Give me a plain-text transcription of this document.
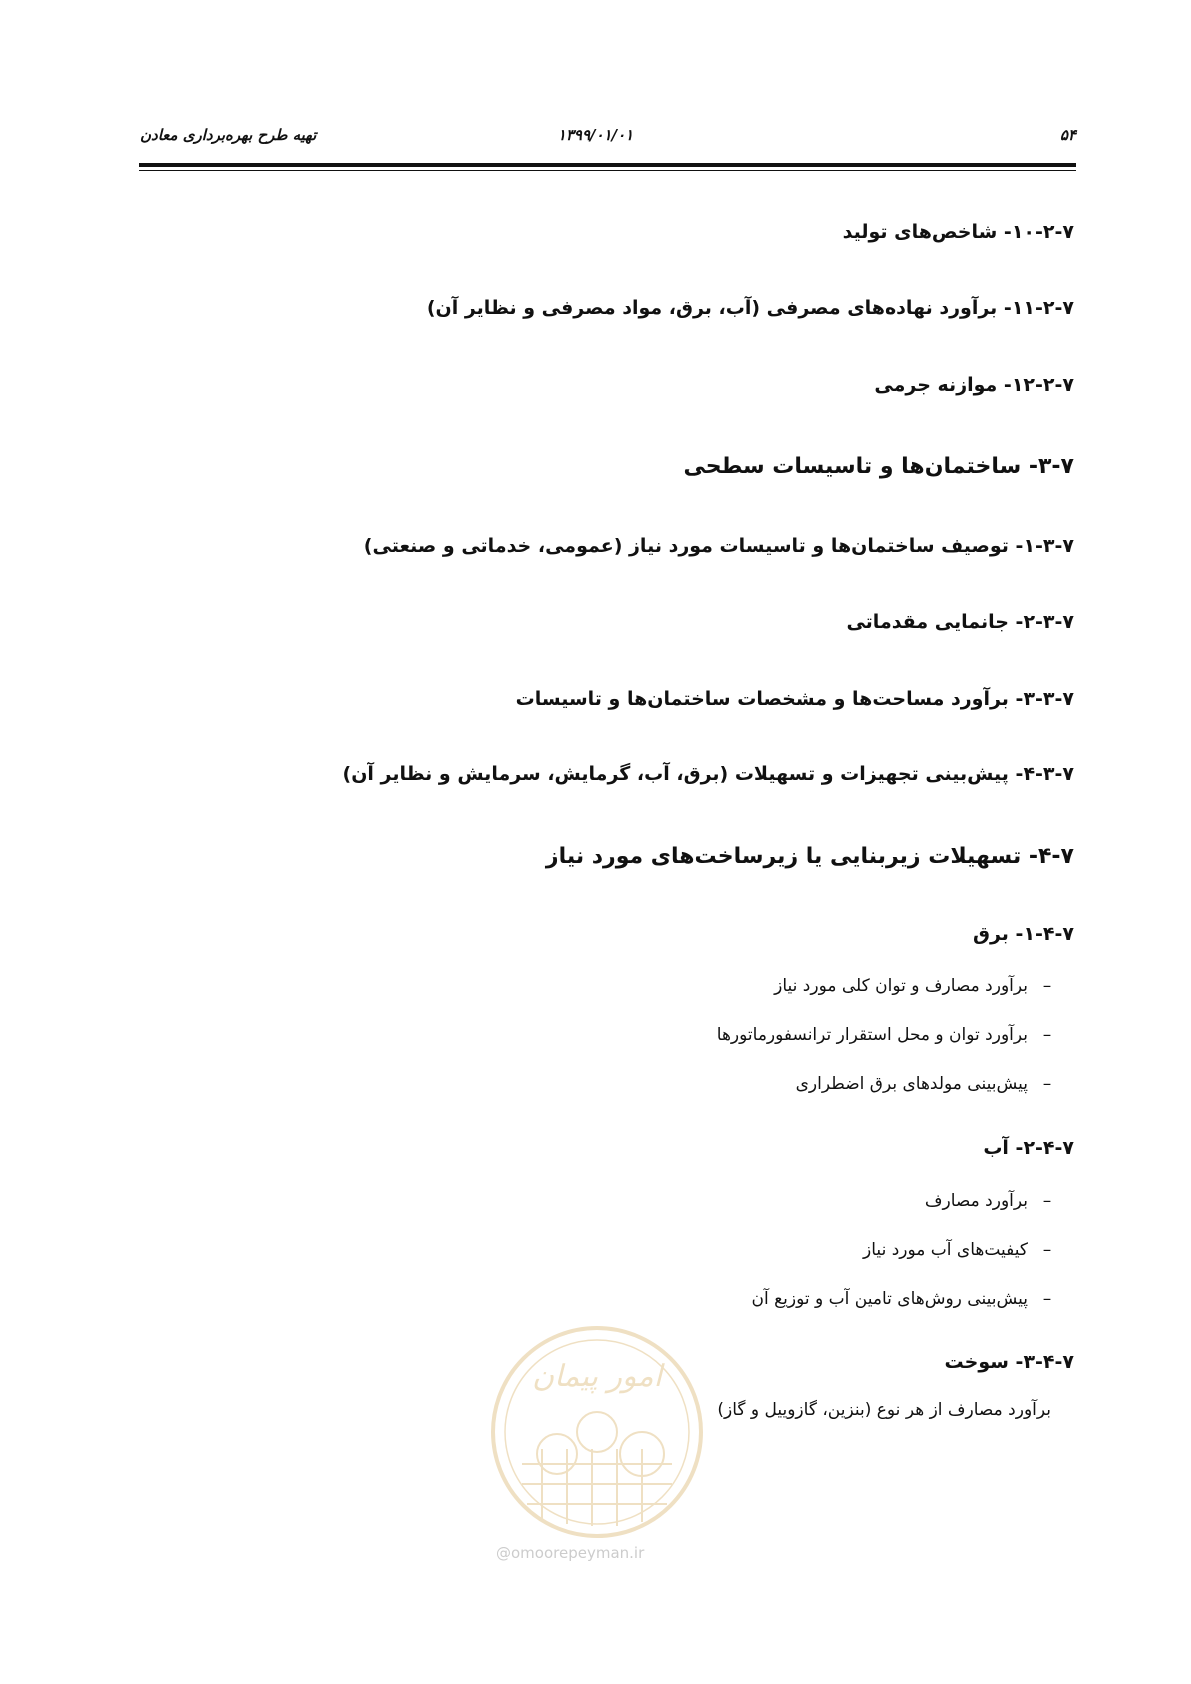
۵۴
۱۳۹۹/۰۱/۰۱
تهیه طرح بهره‌برداری معادن
۱۰-۲-۷- شاخص‌های تولید
۱۱-۲-۷- برآورد نهاده‌های مصرفی (آب، برق، مواد مصرفی و نظایر آن)
۱۲-۲-۷- موازنه جرمی
۳-۷- ساختمان‌ها و تاسیسات سطحی
۱-۳-۷- توصیف ساختمان‌ها و تاسیسات مورد نیاز (عمومی، خدماتی و صنعتی)
۲-۳-۷- جانمایی مقدماتی
۳-۳-۷- برآورد مساحت‌ها و مشخصات ساختمان‌ها و تاسیسات
۴-۳-۷- پیش‌بینی تجهیزات و تسهیلات (برق، آب، گرمایش، سرمایش و نظایر آن)
۴-۷- تسهیلات زیربنایی یا زیرساخت‌های مورد نیاز
۱-۴-۷- برق
–برآورد مصارف و توان کلی مورد نیاز
–برآورد توان و محل استقرار ترانسفورماتورها
–پیش‌بینی مولدهای برق اضطراری
۲-۴-۷- آب
–برآورد مصارف
–کیفیت‌های آب مورد نیاز
–پیش‌بینی روش‌های تامین آب و توزیع آن
۳-۴-۷- سوخت
برآورد مصارف از هر نوع (بنزین، گازوییل و گاز)
امور پیمان
@omoorepeyman.ir
